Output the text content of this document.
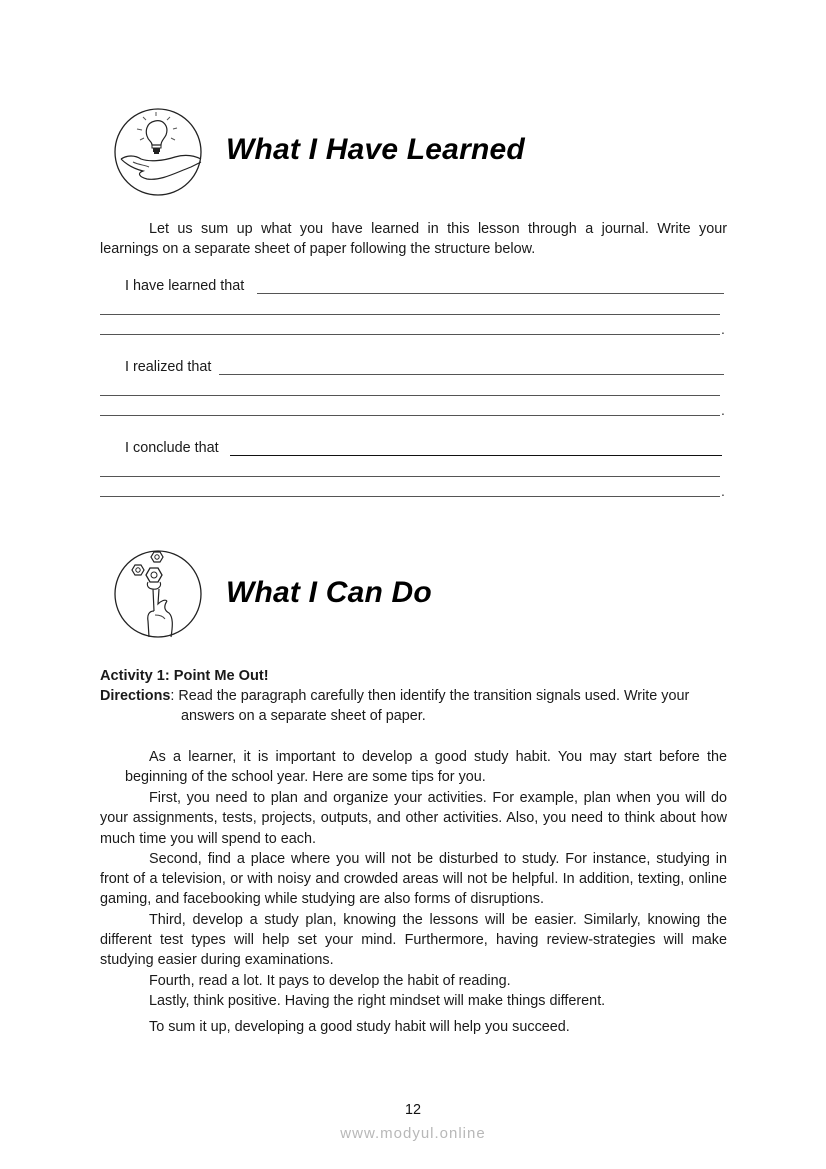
What I Have Learned
Let us sum up what you have learned in this lesson through a journal. Write your
learnings on a separate sheet of paper following the structure below.
I have learned that
.
I realized that
.
I conclude that
.
What I Can Do
Activity 1: Point Me Out!
Directions: Read the paragraph carefully then identify the transition signals used. Write your
answers on a separate sheet of paper.
As a learner, it is important to develop a good study habit. You may start before the beginning of the school year. Here are some tips for you.
First, you need to plan and organize your activities. For example, plan when you will do your assignments, tests, projects, outputs, and other activities. Also, you need to think about how much time you will spend to each.
Second, find a place where you will not be disturbed to study. For instance, studying in front of a television, or with noisy and crowded areas will not be helpful. In addition, texting, online gaming, and facebooking while studying are also forms of disruptions.
Third, develop a study plan, knowing the lessons will be easier. Similarly, knowing the different test types will help set your mind. Furthermore, having review-strategies will make studying easier during examinations.
Fourth, read a lot. It pays to develop the habit of reading.
Lastly, think positive. Having the right mindset will make things different.
To sum it up, developing a good study habit will help you succeed.
12
www.modyul.online
